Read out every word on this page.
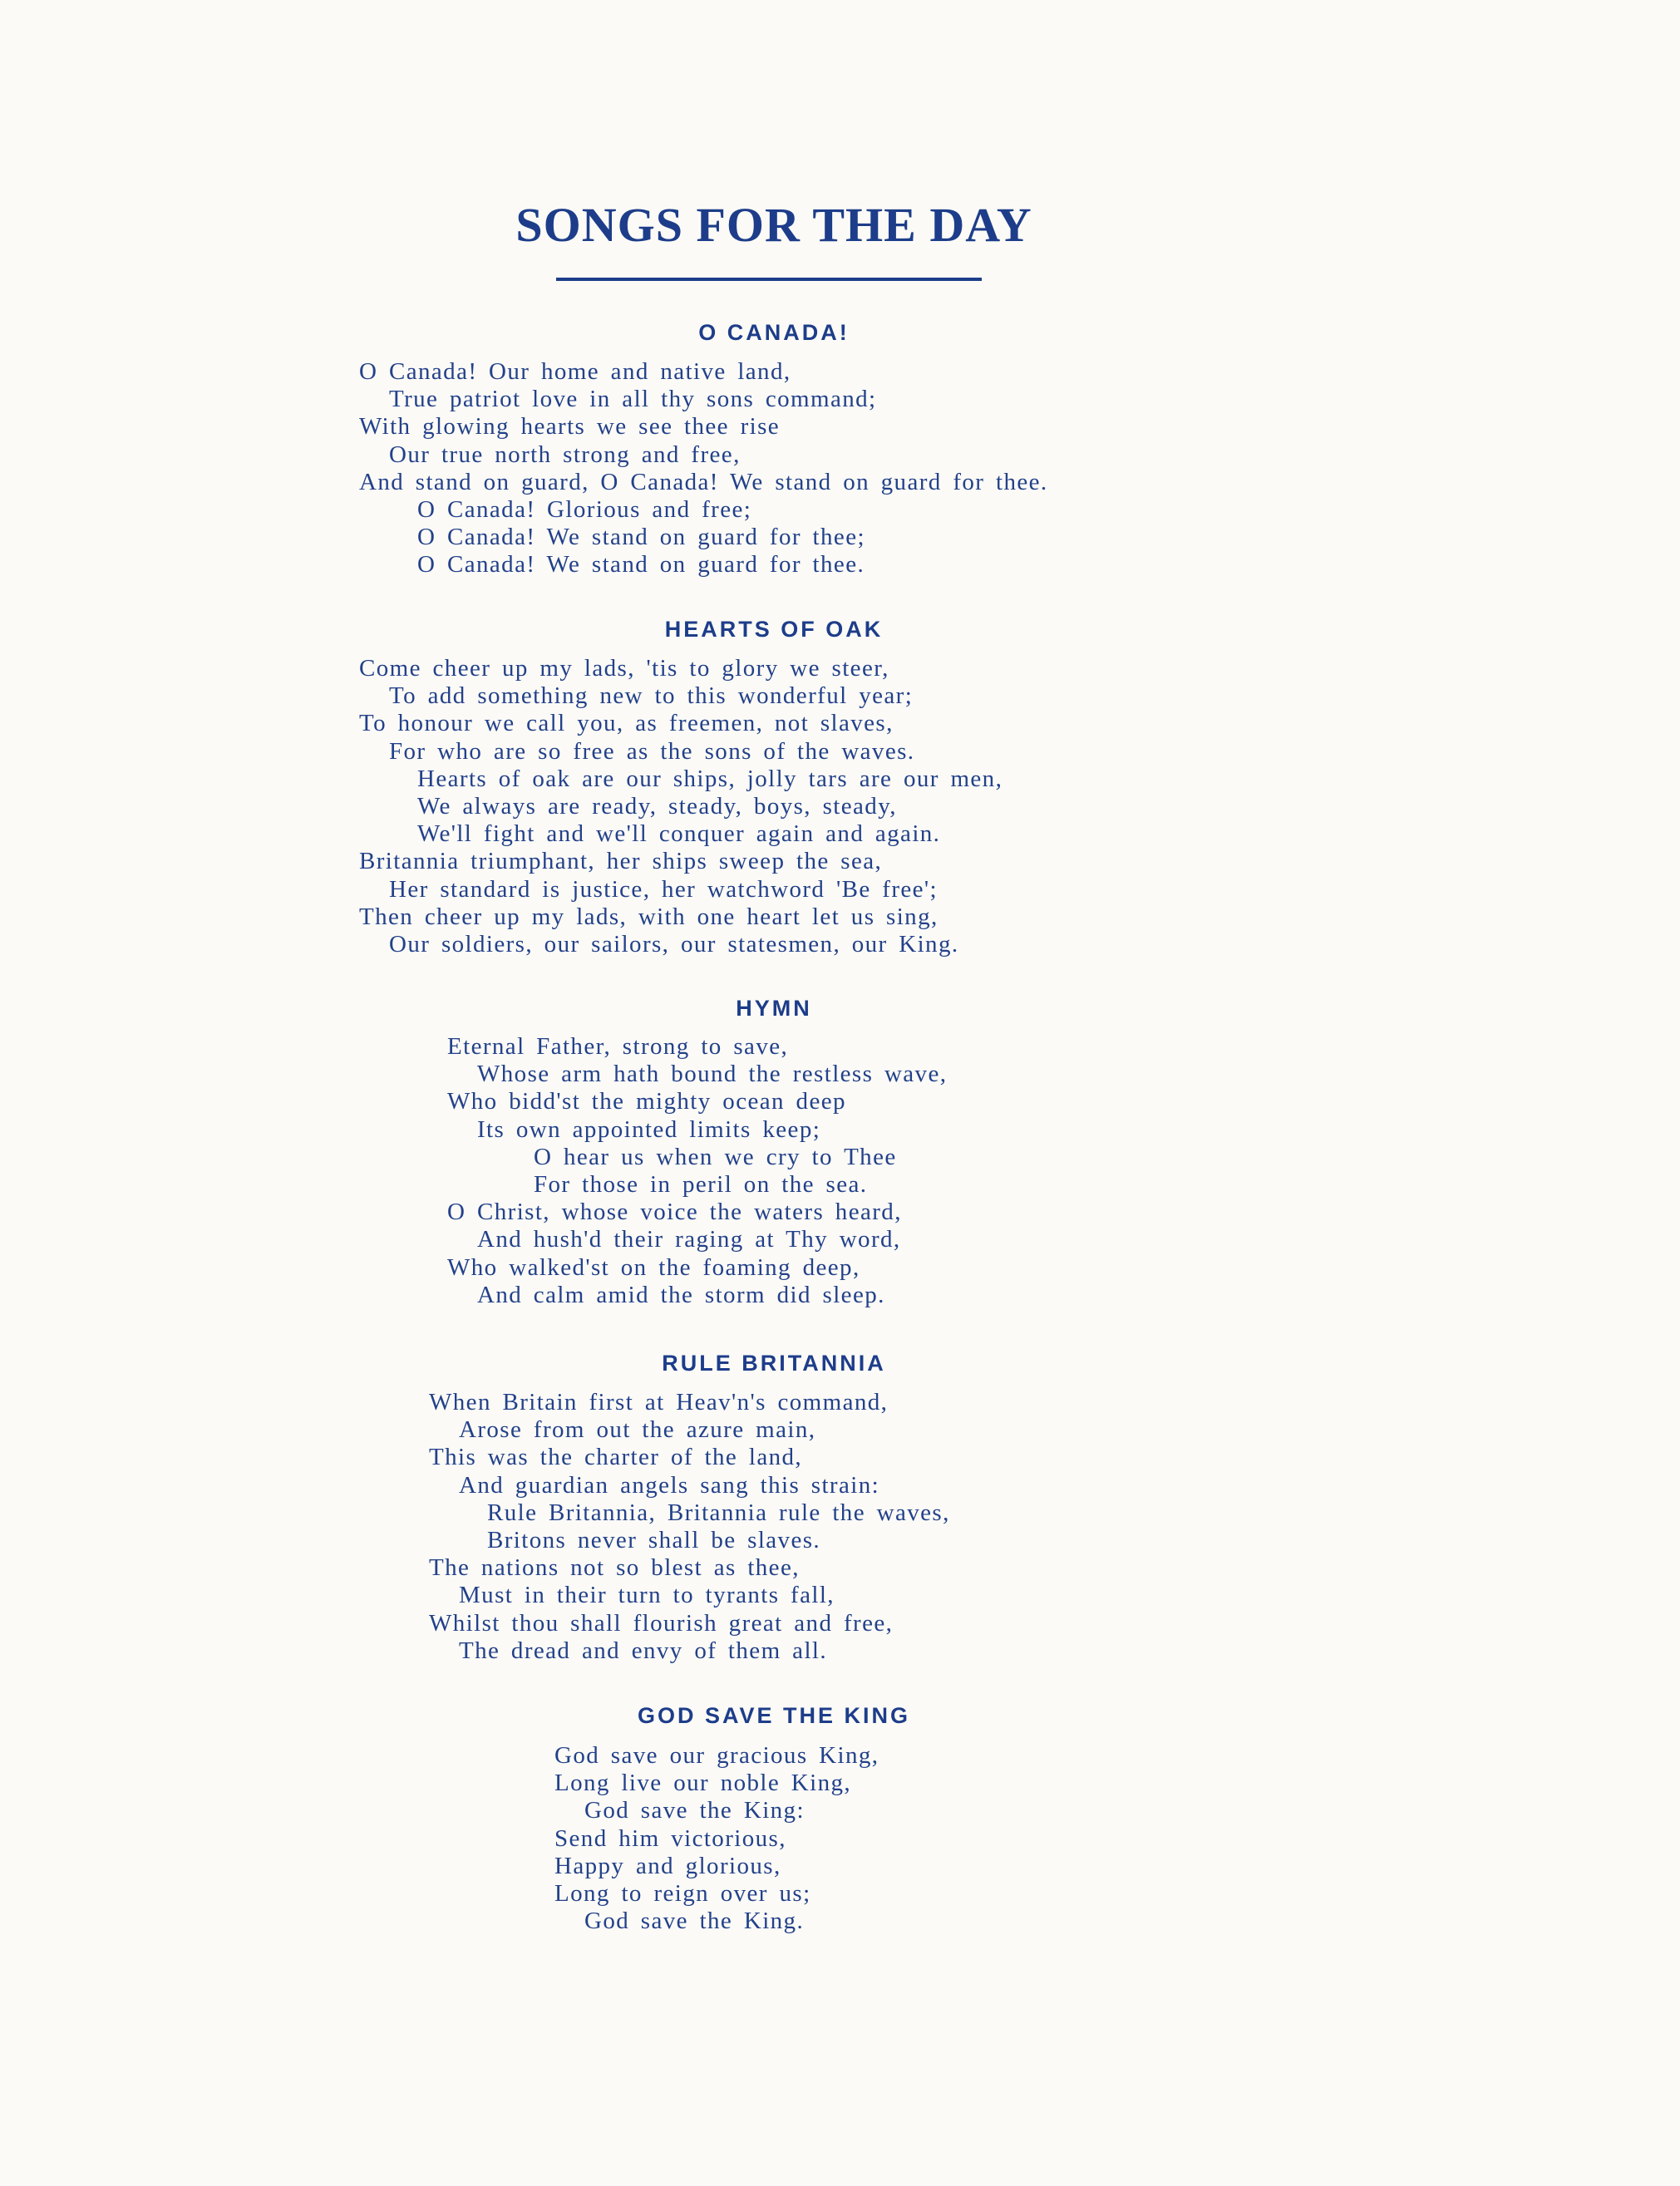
SONGS FOR THE DAY
O CANADA!
O Canada! Our home and native land,
True patriot love in all thy sons command;
With glowing hearts we see thee rise
Our true north strong and free,
And stand on guard, O Canada! We stand on guard for thee.
O Canada! Glorious and free;
O Canada! We stand on guard for thee;
O Canada! We stand on guard for thee.
HEARTS OF OAK
Come cheer up my lads, 'tis to glory we steer,
To add something new to this wonderful year;
To honour we call you, as freemen, not slaves,
For who are so free as the sons of the waves.
Hearts of oak are our ships, jolly tars are our men,
We always are ready, steady, boys, steady,
We'll fight and we'll conquer again and again.
Britannia triumphant, her ships sweep the sea,
Her standard is justice, her watchword 'Be free';
Then cheer up my lads, with one heart let us sing,
Our soldiers, our sailors, our statesmen, our King.
HYMN
Eternal Father, strong to save,
Whose arm hath bound the restless wave,
Who bidd'st the mighty ocean deep
Its own appointed limits keep;
O hear us when we cry to Thee
For those in peril on the sea.
O Christ, whose voice the waters heard,
And hush'd their raging at Thy word,
Who walked'st on the foaming deep,
And calm amid the storm did sleep.
RULE BRITANNIA
When Britain first at Heav'n's command,
Arose from out the azure main,
This was the charter of the land,
And guardian angels sang this strain:
Rule Britannia, Britannia rule the waves,
Britons never shall be slaves.
The nations not so blest as thee,
Must in their turn to tyrants fall,
Whilst thou shall flourish great and free,
The dread and envy of them all.
GOD SAVE THE KING
God save our gracious King,
Long live our noble King,
God save the King:
Send him victorious,
Happy and glorious,
Long to reign over us;
God save the King.
